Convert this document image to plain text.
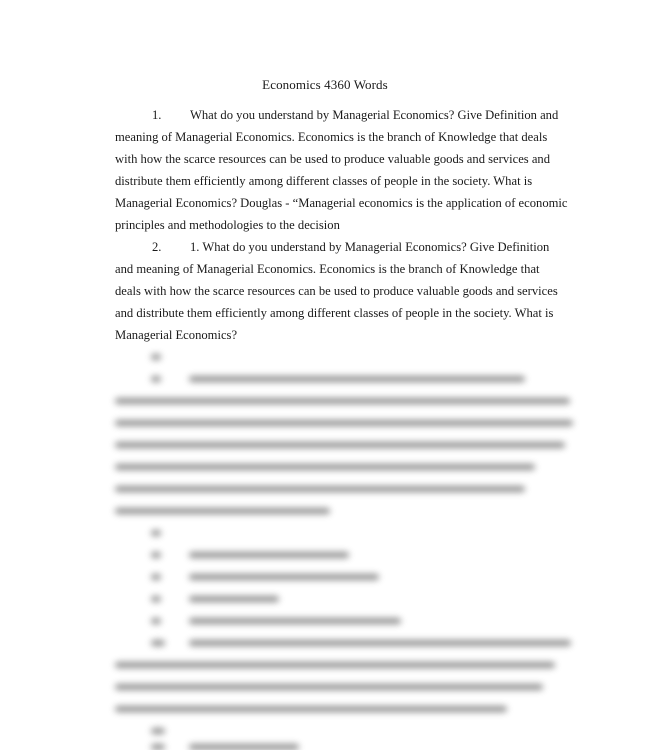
Economics 4360 Words
1. What do you understand by Managerial Economics? Give Definition and
meaning of Managerial Economics. Economics is the branch of Knowledge that deals
with how the scarce resources can be used to produce valuable goods and services and
distribute them efficiently among different classes of people in the society. What is
Managerial Economics? Douglas - “Managerial economics is the application of economic
principles and methodologies to the decision
2. 1. What do you understand by Managerial Economics? Give Definition
and meaning of Managerial Economics. Economics is the branch of Knowledge that
deals with how the scarce resources can be used to produce valuable goods and services
and distribute them efficiently among different classes of people in the society. What is
Managerial Economics?
